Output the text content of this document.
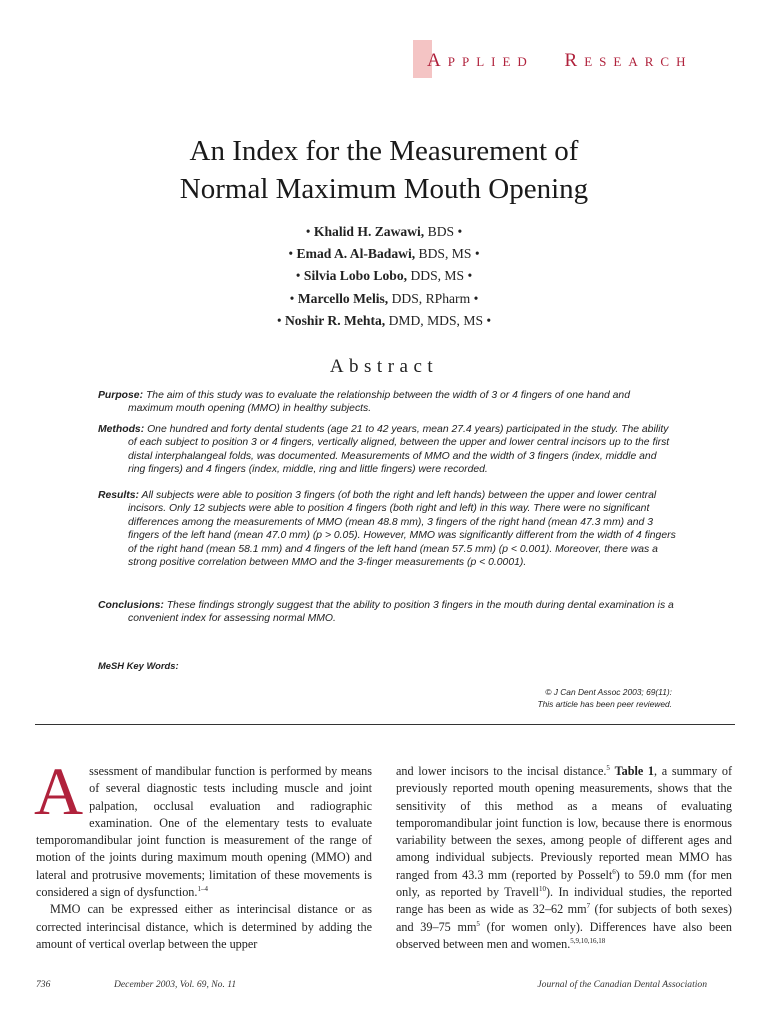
APPLIED RESEARCH
An Index for the Measurement of
Normal Maximum Mouth Opening
• Khalid H. Zawawi, BDS •
• Emad A. Al-Badawi, BDS, MS •
• Silvia Lobo Lobo, DDS, MS •
• Marcello Melis, DDS, RPharm •
• Noshir R. Mehta, DMD, MDS, MS •
Abstract

Purpose: The aim of this study was to evaluate the relationship between the width of 3 or 4 fingers of one hand and maximum mouth opening (MMO) in healthy subjects.

Methods: One hundred and forty dental students (age 21 to 42 years, mean 27.4 years) participated in the study. The ability of each subject to position 3 or 4 fingers, vertically aligned, between the upper and lower central incisors up to the first distal interphalangeal folds, was documented. Measurements of MMO and the width of 3 fingers (index, middle and ring fingers) and 4 fingers (index, middle, ring and little fingers) were recorded.

Results: All subjects were able to position 3 fingers (of both the right and left hands) between the upper and lower central incisors. Only 12 subjects were able to position 4 fingers (both right and left) in this way. There were no significant differences among the measurements of MMO (mean 48.8 mm), 3 fingers of the right hand (mean 47.3 mm) and 3 fingers of the left hand (mean 47.0 mm) (p > 0.05). However, MMO was significantly different from the width of 4 fingers of the right hand (mean 58.1 mm) and 4 fingers of the left hand (mean 57.5 mm) (p < 0.001). Moreover, there was a strong positive correlation between MMO and the 3-finger measurements (p < 0.0001).

Conclusions: These findings strongly suggest that the ability to position 3 fingers in the mouth during dental examination is a convenient index for assessing normal MMO.

MeSH Key Words:
© J Can Dent Assoc 2003; 69(11):
This article has been peer reviewed.

Assessment of mandibular function is performed by means of several diagnostic tests including muscle and joint palpation, occlusal evaluation and radiographic examination. One of the elementary tests to evaluate temporomandibular joint function is measurement of the range of motion of the joints during maximum mouth opening (MMO) and lateral and protrusive movements; limitation of these movements is considered a sign of dysfunction.$^{1-4}$

MMO can be expressed either as interincisal distance or as corrected interincisal distance, which is determined by adding the amount of vertical overlap between the upper

and lower incisors to the incisal distance.$^5$ Table 1, a summary of previously reported mouth opening measurements, shows that the sensitivity of this method as a means of evaluating temporomandibular joint function is low, because there is enormous variability between the sexes, among people of different ages and among individual subjects. Previously reported mean MMO has ranged from 43.3 mm (reported by Posselt$^6$) to 59.0 mm (for men only, as reported by Travell$^{10}$). In individual studies, the reported range has been as wide as 32–62 $mm^7$ (for subjects of both sexes) and 39–75 $mm^5$ (for women only). Differences have also been observed between men and women.$^{5,9,10,16,18}$

736	December 2003, Vol. 69, No. 11	Journal of the Canadian Dental Association
